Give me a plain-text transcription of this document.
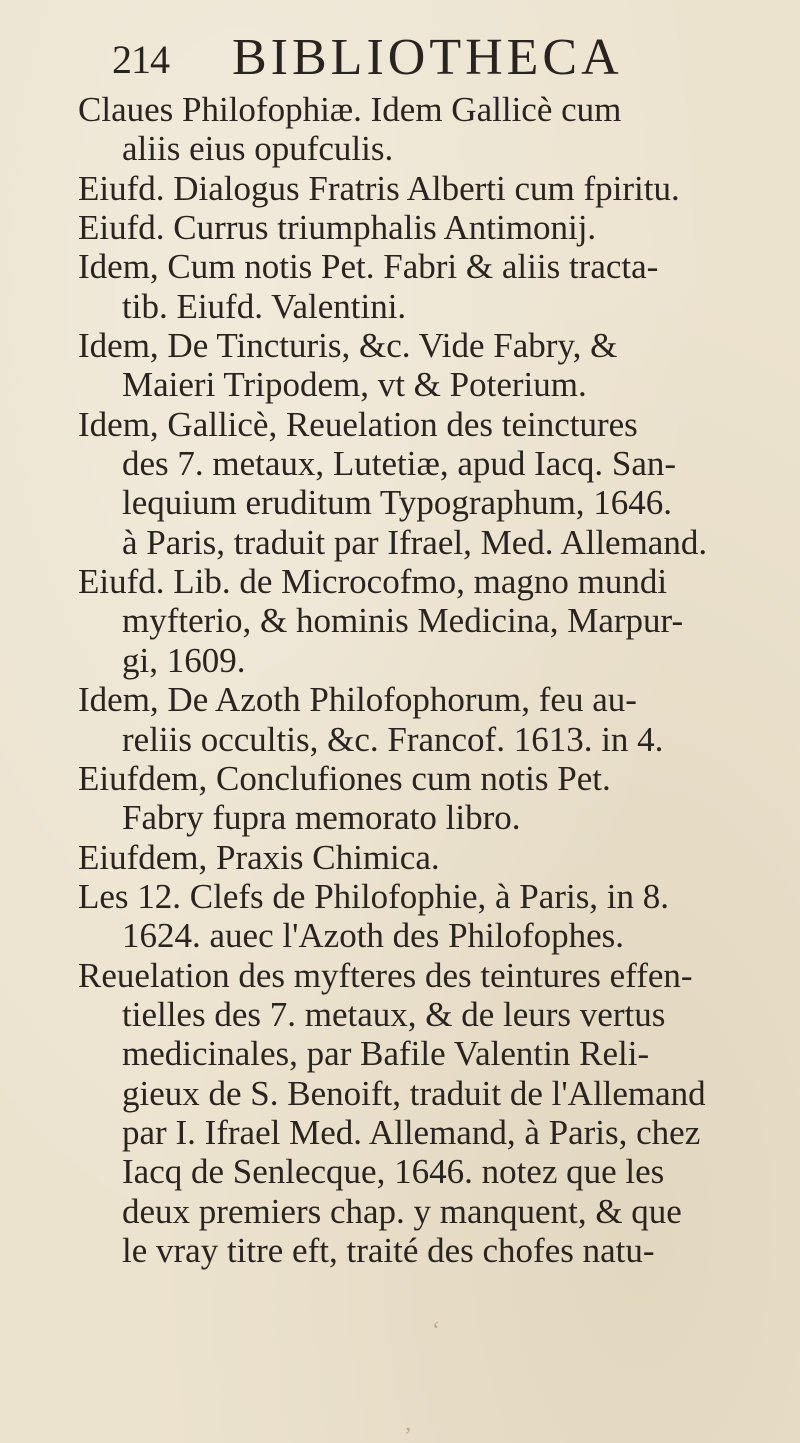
214 BIBLIOTHECA
Claues Philofophiæ. Idem Gallicè cum
aliis eius opufculis.
Eiufd. Dialogus Fratris Alberti cum fpiritu.
Eiufd. Currus triumphalis Antimonij.
Idem, Cum notis Pet. Fabri & aliis tracta-
tib. Eiufd. Valentini.
Idem, De Tincturis, &c. Vide Fabry, &
Maieri Tripodem, vt & Poterium.
Idem, Gallicè, Reuelation des teinctures
des 7. metaux, Lutetiæ, apud Iacq. San-
lequium eruditum Typographum, 1646.
à Paris, traduit par Ifrael, Med. Allemand.
Eiufd. Lib. de Microcofmo, magno mundi
myfterio, & hominis Medicina, Marpur-
gi, 1609.
Idem, De Azoth Philofophorum, feu au-
reliis occultis, &c. Francof. 1613. in 4.
Eiufdem, Conclufiones cum notis Pet.
Fabry fupra memorato libro.
Eiufdem, Praxis Chimica.
Les 12. Clefs de Philofophie, à Paris, in 8.
1624. auec l'Azoth des Philofophes.
Reuelation des myfteres des teintures effen-
tielles des 7. metaux, & de leurs vertus
medicinales, par Bafile Valentin Reli-
gieux de S. Benoift, traduit de l'Allemand
par I. Ifrael Med. Allemand, à Paris, chez
Iacq de Senlecque, 1646. notez que les
deux premiers chap. y manquent, & que
le vray titre eft, traité des chofes natu-
‘
‚
